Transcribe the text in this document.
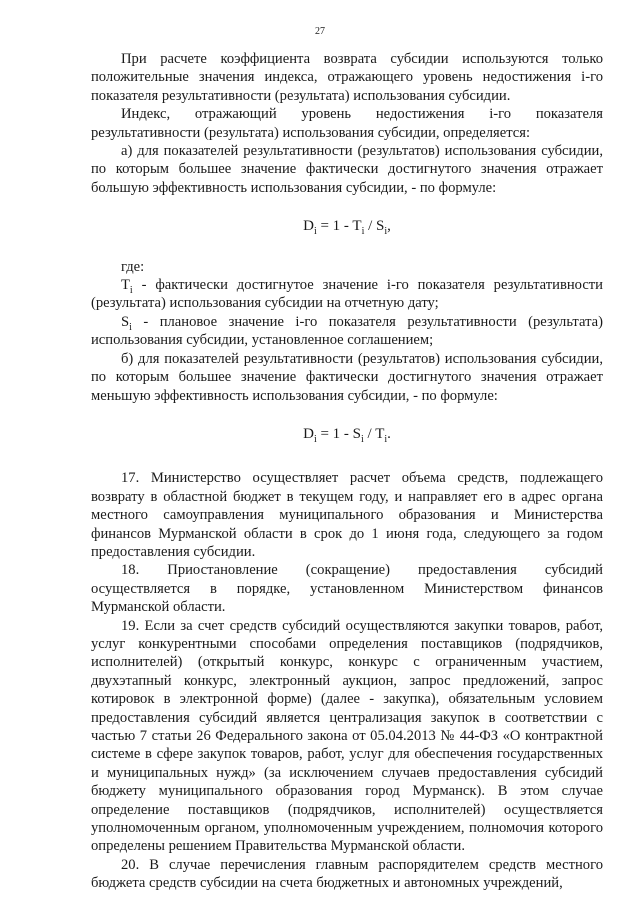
27

При расчете коэффициента возврата субсидии используются только положительные значения индекса, отражающего уровень недостижения i-го показателя результативности (результата) использования субсидии.

Индекс, отражающий уровень недостижения i-го показателя результативности (результата) использования субсидии, определяется:

а) для показателей результативности (результатов) использования субсидии, по которым большее значение фактически достигнутого значения отражает большую эффективность использования субсидии, - по формуле:

$D_i = 1 - T_i / S_i$,

где:

$T_i$ - фактически достигнутое значение i-го показателя результативности (результата) использования субсидии на отчетную дату;

$S_i$ - плановое значение i-го показателя результативности (результата) использования субсидии, установленное соглашением;

б) для показателей результативности (результатов) использования субсидии, по которым большее значение фактически достигнутого значения отражает меньшую эффективность использования субсидии, - по формуле:

$D_i = 1 - S_i / T_i$.

17. Министерство осуществляет расчет объема средств, подлежащего возврату в областной бюджет в текущем году, и направляет его в адрес органа местного самоуправления муниципального образования и Министерства финансов Мурманской области в срок до 1 июня года, следующего за годом предоставления субсидии.

18. Приостановление (сокращение) предоставления субсидий осуществляется в порядке, установленном Министерством финансов Мурманской области.

19. Если за счет средств субсидий осуществляются закупки товаров, работ, услуг конкурентными способами определения поставщиков (подрядчиков, исполнителей) (открытый конкурс, конкурс с ограниченным участием, двухэтапный конкурс, электронный аукцион, запрос предложений, запрос котировок в электронной форме) (далее - закупка), обязательным условием предоставления субсидий является централизация закупок в соответствии с частью 7 статьи 26 Федерального закона от 05.04.2013 № 44-ФЗ «О контрактной системе в сфере закупок товаров, работ, услуг для обеспечения государственных и муниципальных нужд» (за исключением случаев предоставления субсидий бюджету муниципального образования город Мурманск). В этом случае определение поставщиков (подрядчиков, исполнителей) осуществляется уполномоченным органом, уполномоченным учреждением, полномочия которого определены решением Правительства Мурманской области.

20. В случае перечисления главным распорядителем средств местного бюджета средств субсидии на счета бюджетных и автономных учреждений,
